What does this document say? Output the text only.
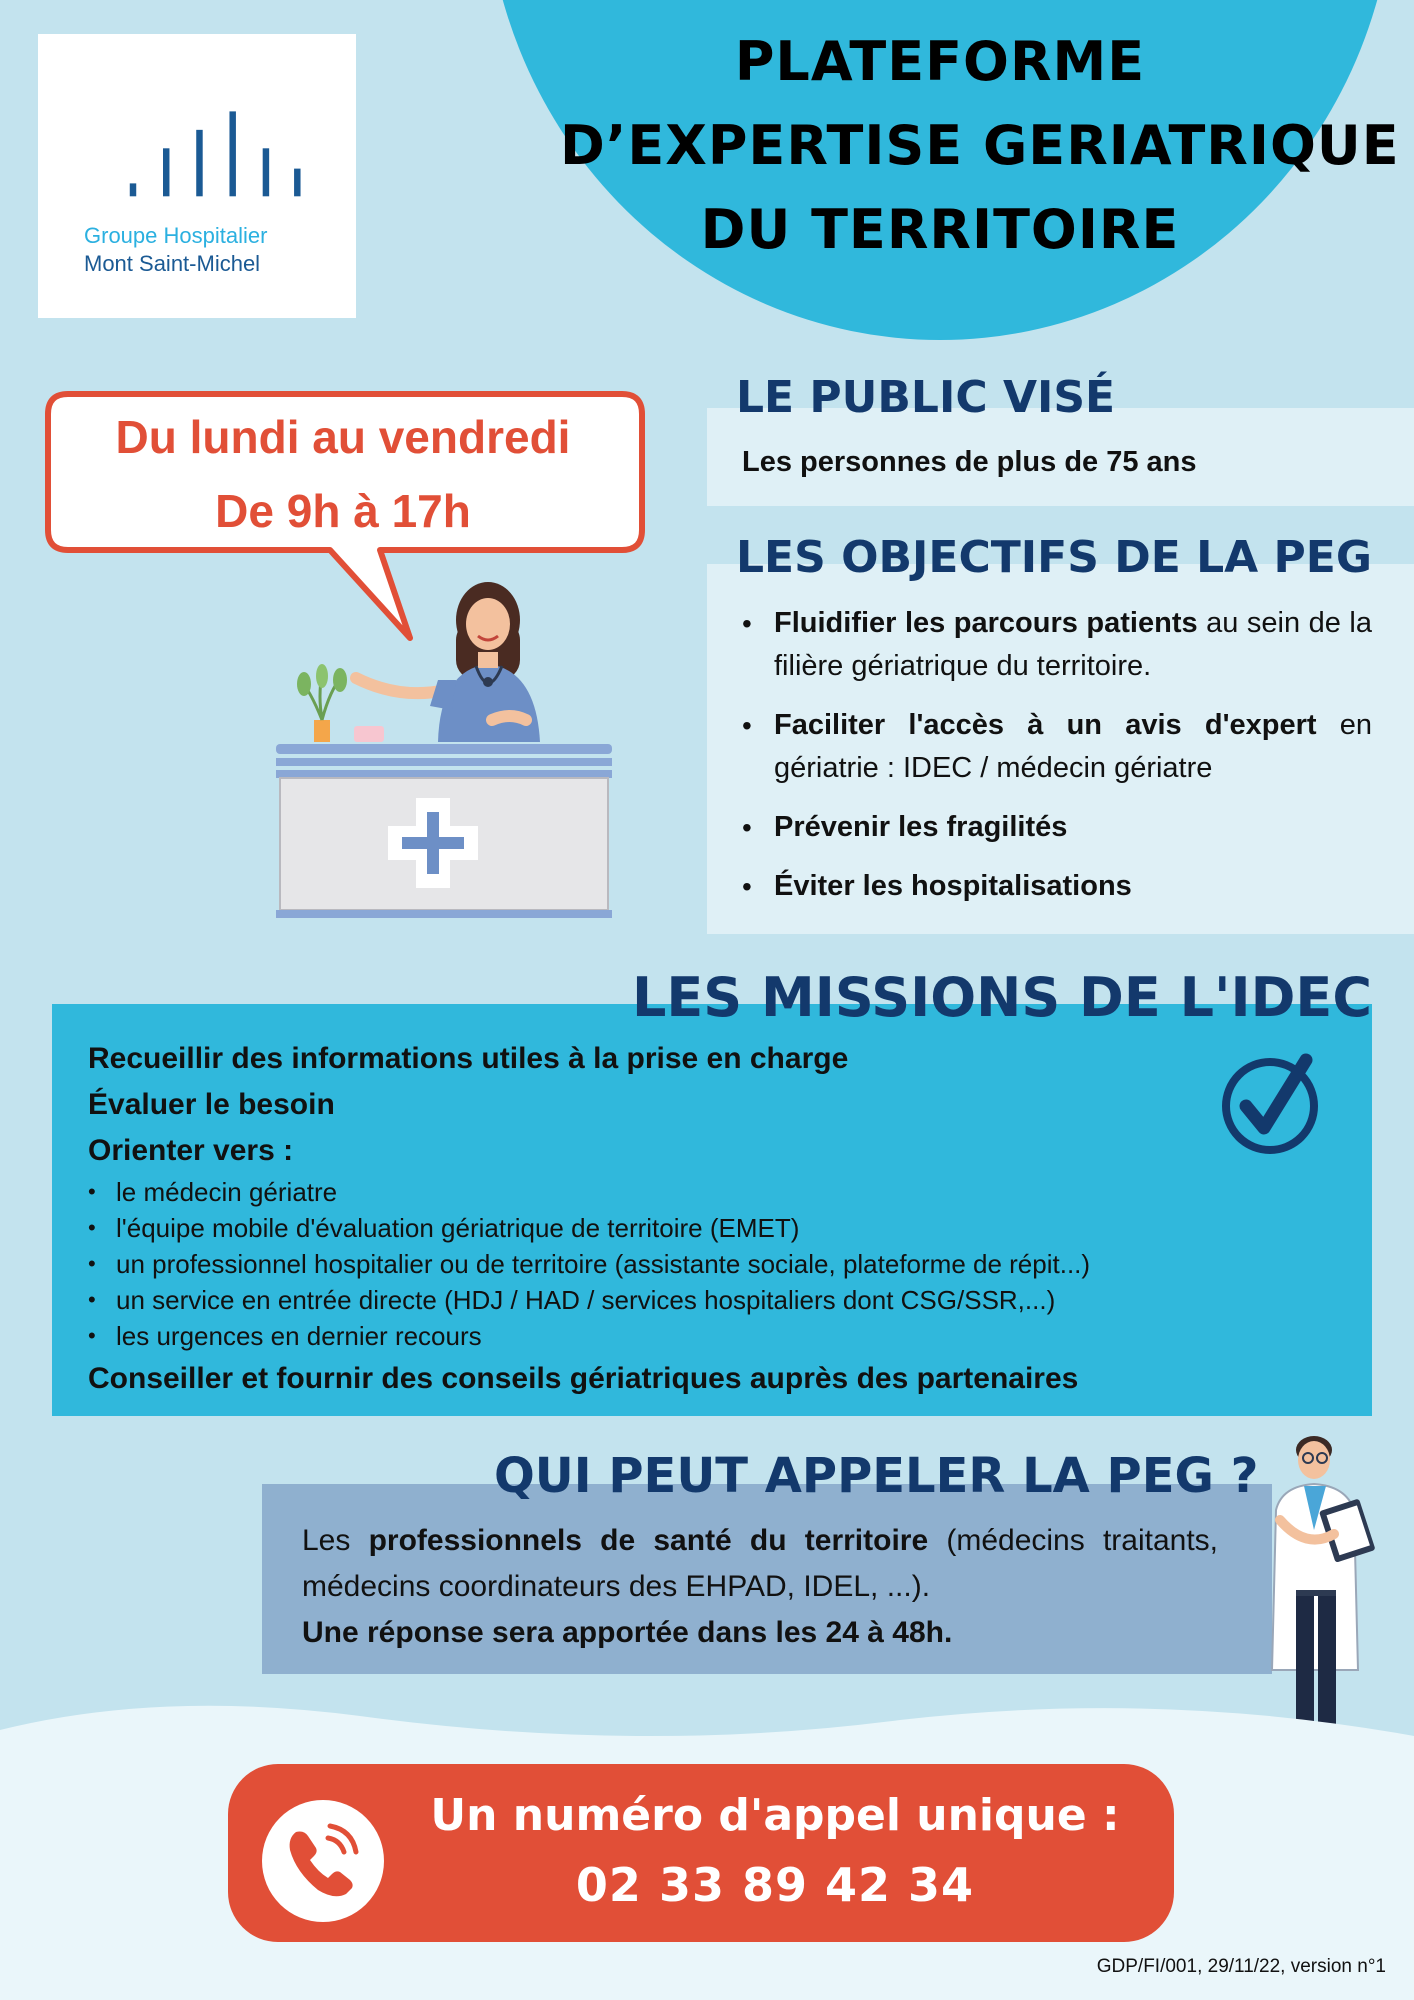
PLATEFORME
D’EXPERTISE GERIATRIQUE
DU TERRITOIRE
Groupe Hospitalier
Mont Saint-Michel
Du lundi au vendredi
De 9h à 17h
LE PUBLIC VISÉ
Les personnes de plus de 75 ans
LES OBJECTIFS DE LA PEG
• Fluidifier les parcours patients au sein de la filière gériatrique du territoire.
• Faciliter l'accès à un avis d'expert en gériatrie : IDEC / médecin gériatre
• Prévenir les fragilités
• Éviter les hospitalisations
LES MISSIONS DE L'IDEC
Recueillir des informations utiles à la prise en charge
Évaluer le besoin
Orienter vers :
• le médecin gériatre
• l'équipe mobile d'évaluation gériatrique de territoire (EMET)
• un professionnel hospitalier ou de territoire (assistante sociale, plateforme de répit...)
• un service en entrée directe (HDJ / HAD / services hospitaliers dont CSG/SSR,...)
• les urgences en dernier recours
Conseiller et fournir des conseils gériatriques auprès des partenaires
QUI PEUT APPELER LA PEG ?
Les professionnels de santé du territoire (médecins traitants, médecins coordinateurs des EHPAD, IDEL, ...).
Une réponse sera apportée dans les 24 à 48h.
Un numéro d'appel unique :
02 33 89 42 34
GDP/FI/001, 29/11/22, version n°1
